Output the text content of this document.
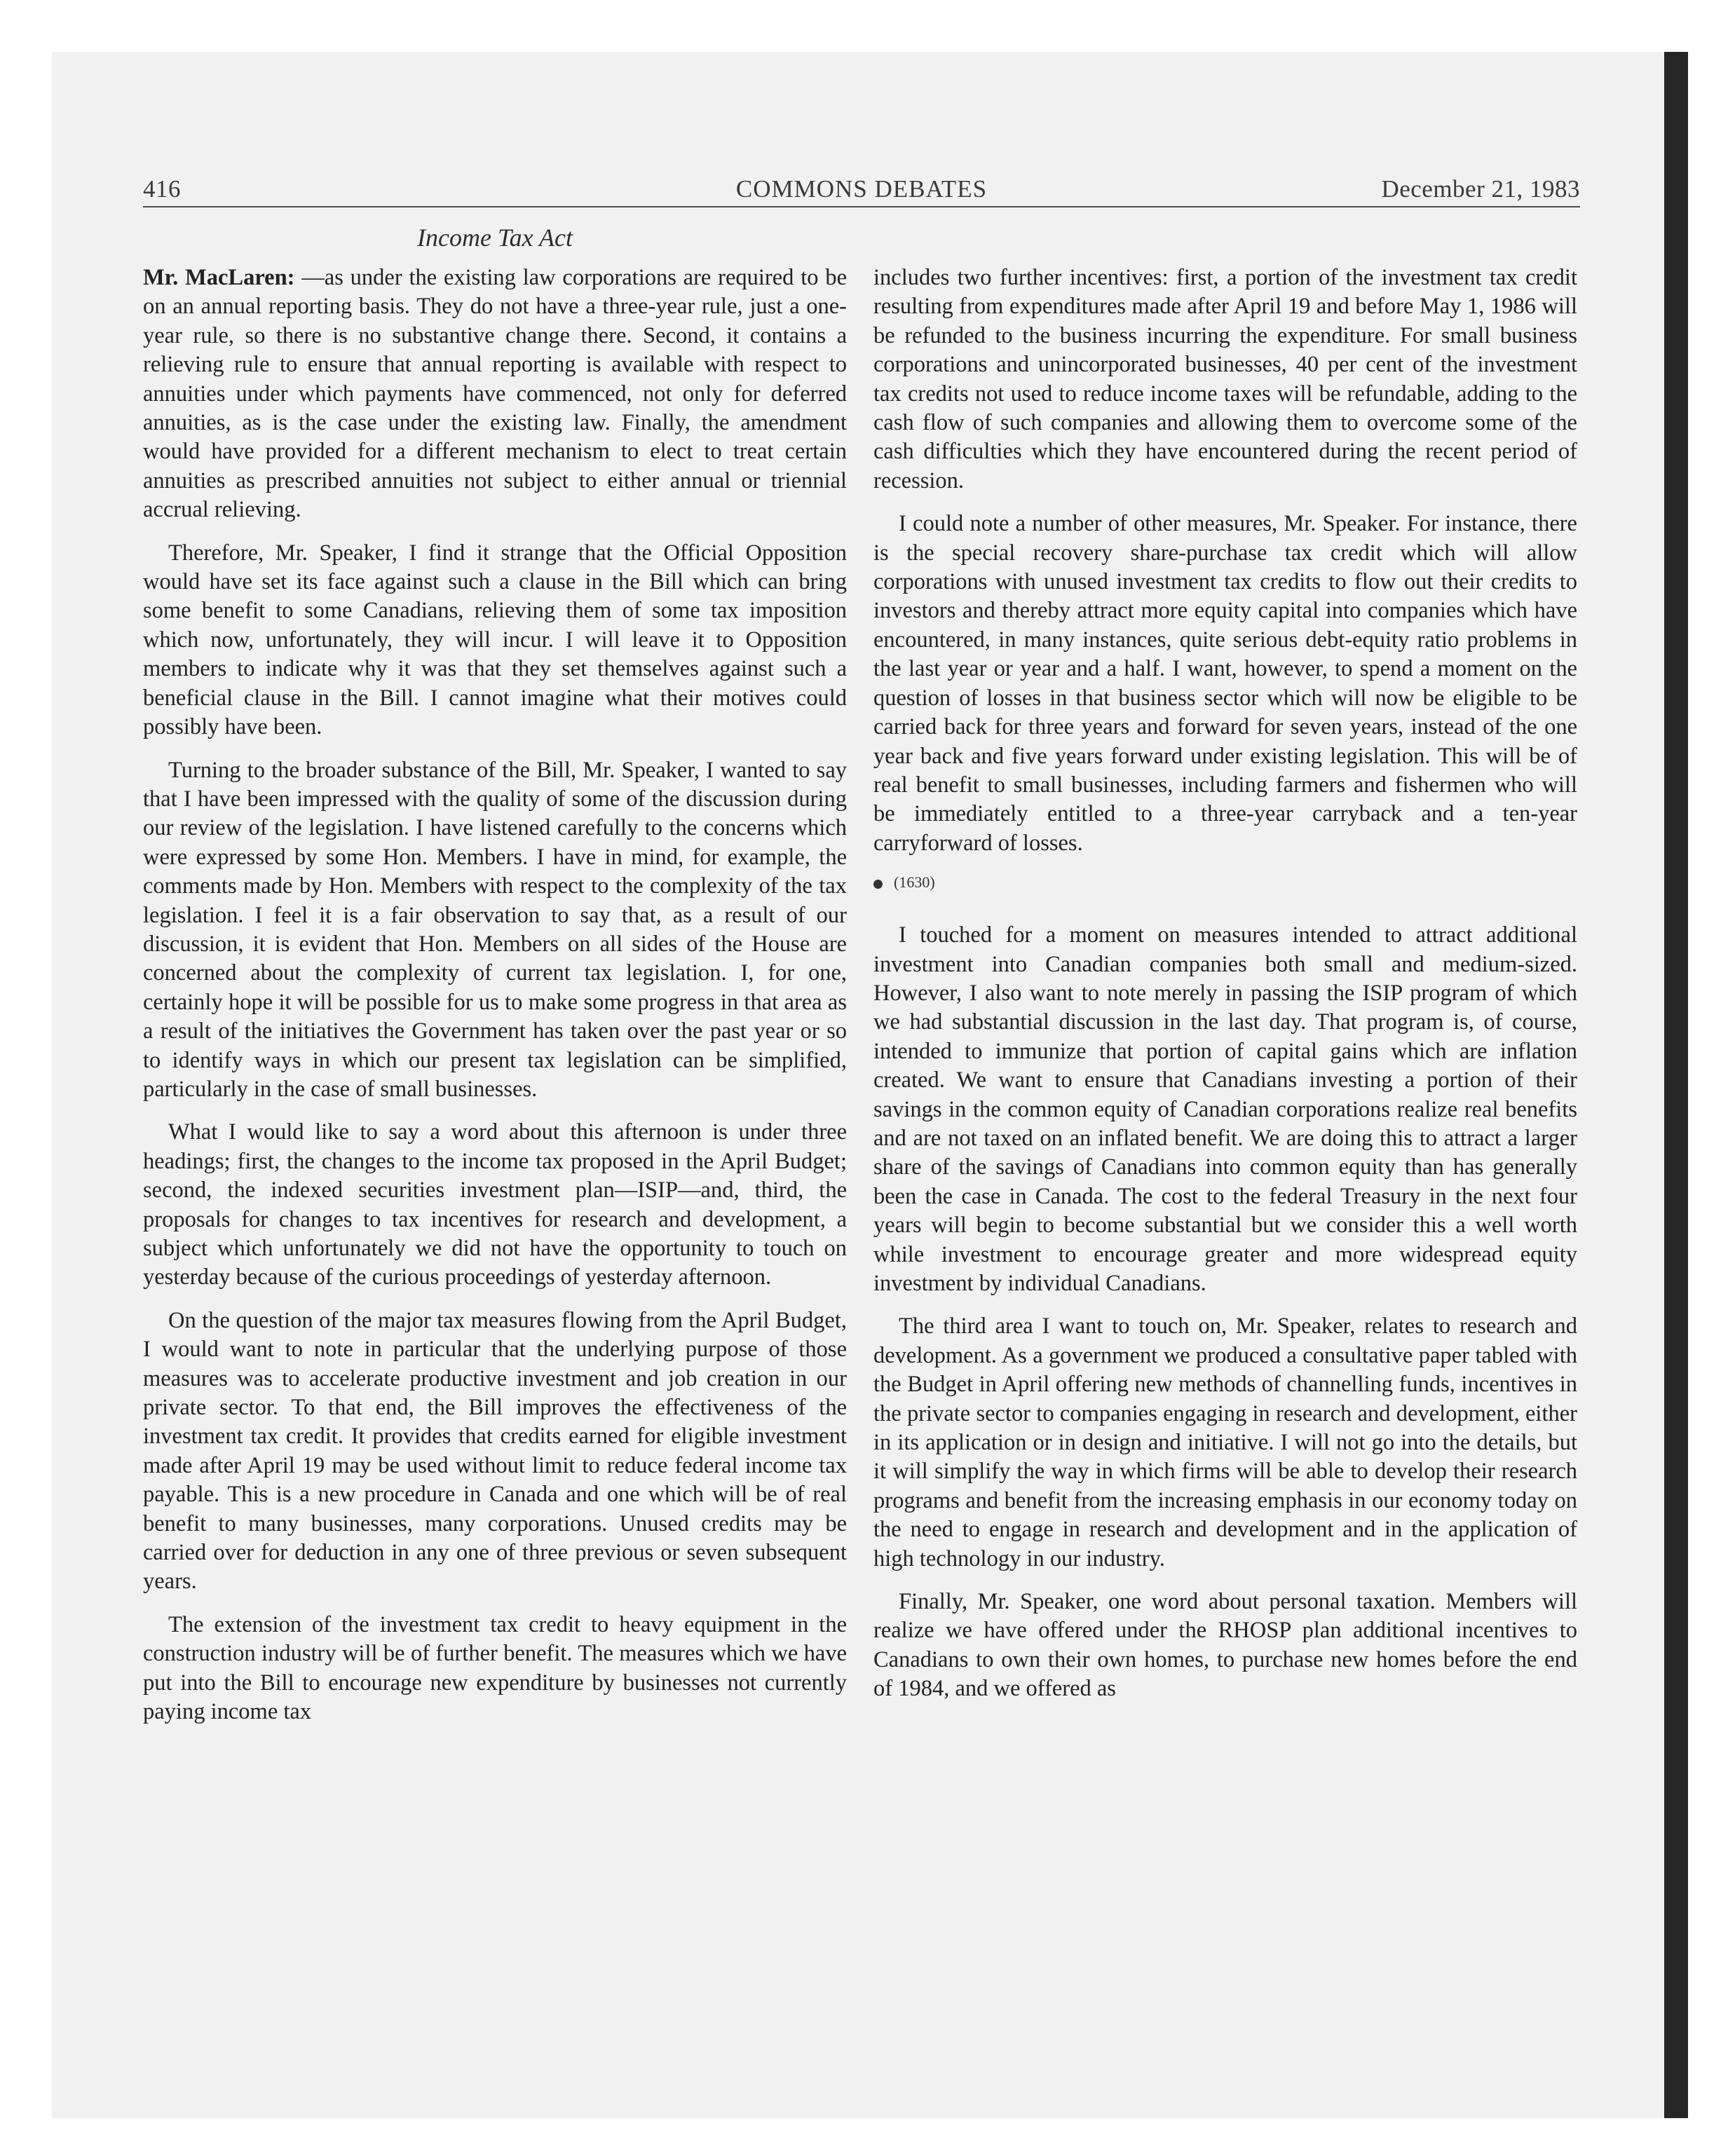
416	COMMONS DEBATES	December 21, 1983
Income Tax Act

Mr. MacLaren: —as under the existing law corporations are required to be on an annual reporting basis. They do not have a three-year rule, just a one-year rule, so there is no substantive change there. Second, it contains a relieving rule to ensure that annual reporting is available with respect to annuities under which payments have commenced, not only for deferred annuities, as is the case under the existing law. Finally, the amendment would have provided for a different mechanism to elect to treat certain annuities as prescribed annuities not subject to either annual or triennial accrual relieving.

Therefore, Mr. Speaker, I find it strange that the Official Opposition would have set its face against such a clause in the Bill which can bring some benefit to some Canadians, relieving them of some tax imposition which now, unfortunately, they will incur. I will leave it to Opposition members to indicate why it was that they set themselves against such a beneficial clause in the Bill. I cannot imagine what their motives could possibly have been.

Turning to the broader substance of the Bill, Mr. Speaker, I wanted to say that I have been impressed with the quality of some of the discussion during our review of the legislation. I have listened carefully to the concerns which were expressed by some Hon. Members. I have in mind, for example, the comments made by Hon. Members with respect to the complexity of the tax legislation. I feel it is a fair observation to say that, as a result of our discussion, it is evident that Hon. Members on all sides of the House are concerned about the complexity of current tax legislation. I, for one, certainly hope it will be possible for us to make some progress in that area as a result of the initiatives the Government has taken over the past year or so to identify ways in which our present tax legislation can be simplified, particularly in the case of small businesses.

What I would like to say a word about this afternoon is under three headings; first, the changes to the income tax proposed in the April Budget; second, the indexed securities investment plan—ISIP—and, third, the proposals for changes to tax incentives for research and development, a subject which unfortunately we did not have the opportunity to touch on yesterday because of the curious proceedings of yesterday afternoon.

On the question of the major tax measures flowing from the April Budget, I would want to note in particular that the underlying purpose of those measures was to accelerate productive investment and job creation in our private sector. To that end, the Bill improves the effectiveness of the investment tax credit. It provides that credits earned for eligible investment made after April 19 may be used without limit to reduce federal income tax payable. This is a new procedure in Canada and one which will be of real benefit to many businesses, many corporations. Unused credits may be carried over for deduction in any one of three previous or seven subsequent years.

The extension of the investment tax credit to heavy equipment in the construction industry will be of further benefit. The measures which we have put into the Bill to encourage new expenditure by businesses not currently paying income tax

includes two further incentives: first, a portion of the investment tax credit resulting from expenditures made after April 19 and before May 1, 1986 will be refunded to the business incurring the expenditure. For small business corporations and unincorporated businesses, 40 per cent of the investment tax credits not used to reduce income taxes will be refundable, adding to the cash flow of such companies and allowing them to overcome some of the cash difficulties which they have encountered during the recent period of recession.

I could note a number of other measures, Mr. Speaker. For instance, there is the special recovery share-purchase tax credit which will allow corporations with unused investment tax credits to flow out their credits to investors and thereby attract more equity capital into companies which have encountered, in many instances, quite serious debt-equity ratio problems in the last year or year and a half. I want, however, to spend a moment on the question of losses in that business sector which will now be eligible to be carried back for three years and forward for seven years, instead of the one year back and five years forward under existing legislation. This will be of real benefit to small businesses, including farmers and fishermen who will be immediately entitled to a three-year carryback and a ten-year carryforward of losses.

(1630)

I touched for a moment on measures intended to attract additional investment into Canadian companies both small and medium-sized. However, I also want to note merely in passing the ISIP program of which we had substantial discussion in the last day. That program is, of course, intended to immunize that portion of capital gains which are inflation created. We want to ensure that Canadians investing a portion of their savings in the common equity of Canadian corporations realize real benefits and are not taxed on an inflated benefit. We are doing this to attract a larger share of the savings of Canadians into common equity than has generally been the case in Canada. The cost to the federal Treasury in the next four years will begin to become substantial but we consider this a well worth while investment to encourage greater and more widespread equity investment by individual Canadians.

The third area I want to touch on, Mr. Speaker, relates to research and development. As a government we produced a consultative paper tabled with the Budget in April offering new methods of channelling funds, incentives in the private sector to companies engaging in research and development, either in its application or in design and initiative. I will not go into the details, but it will simplify the way in which firms will be able to develop their research programs and benefit from the increasing emphasis in our economy today on the need to engage in research and development and in the application of high technology in our industry.

Finally, Mr. Speaker, one word about personal taxation. Members will realize we have offered under the RHOSP plan additional incentives to Canadians to own their own homes, to purchase new homes before the end of 1984, and we offered as
